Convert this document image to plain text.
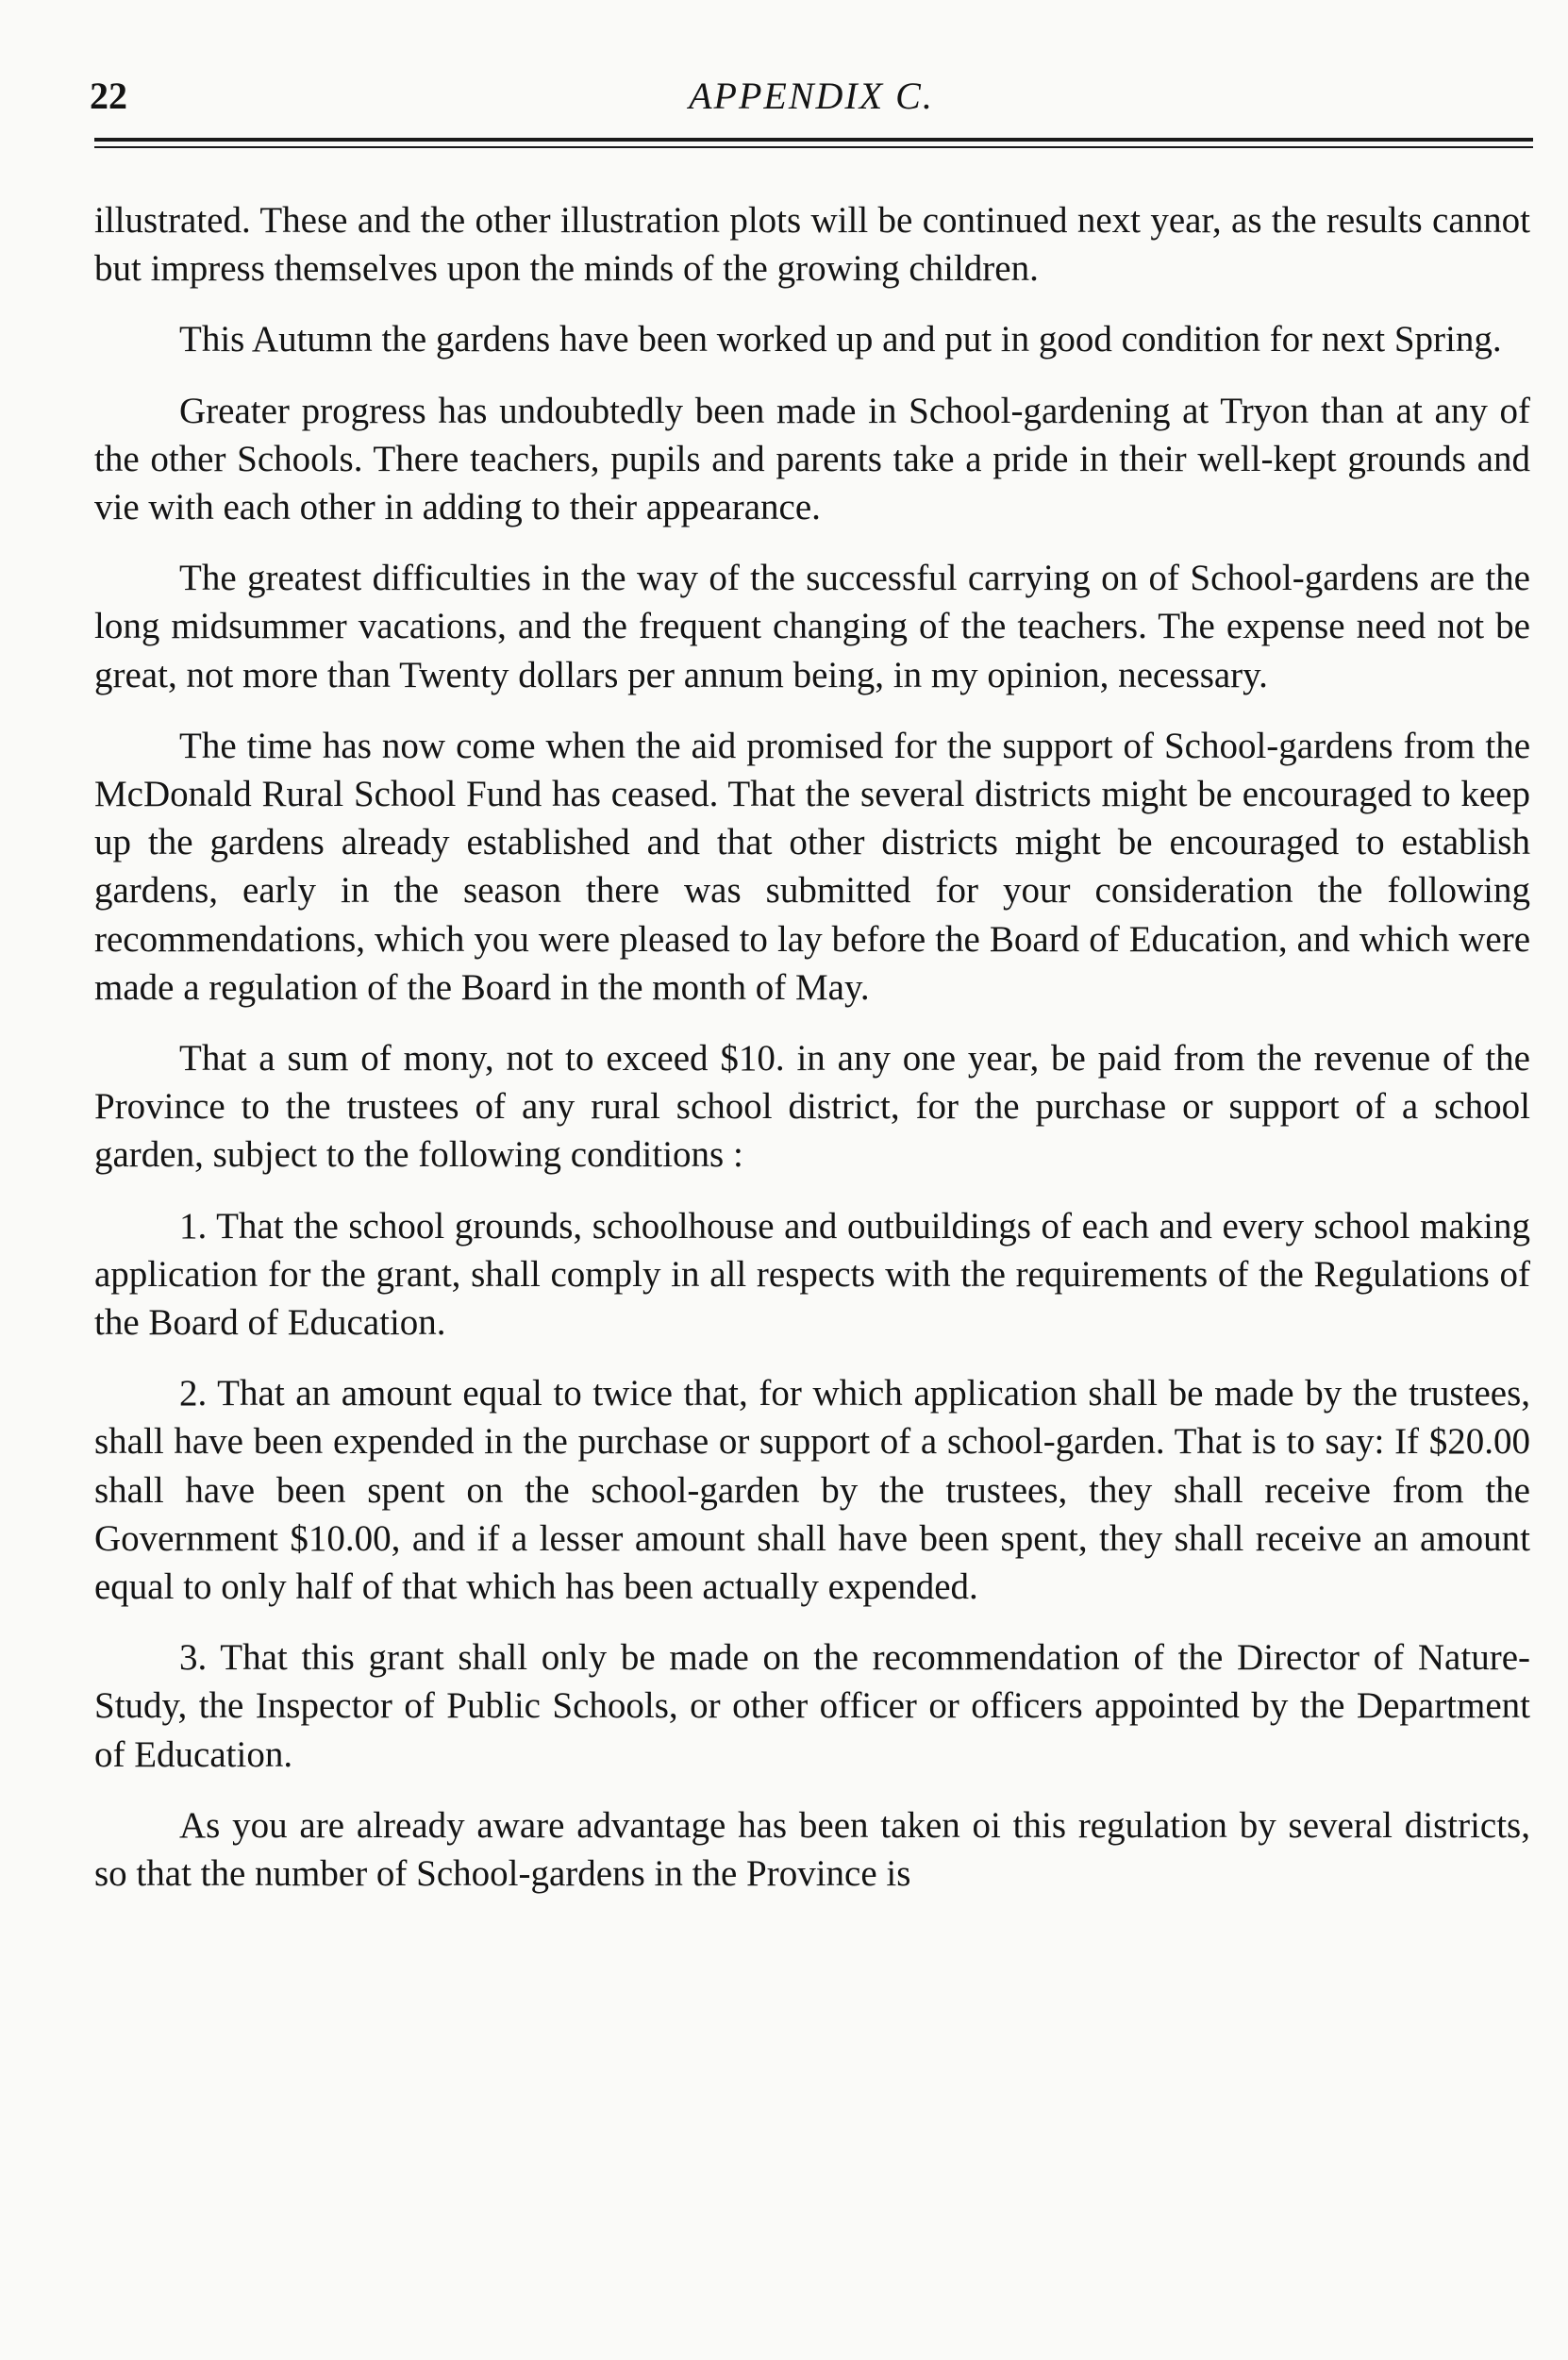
22	APPENDIX C.

illustrated. These and the other illustration plots will be continued next year, as the results cannot but impress themselves upon the minds of the growing children.

This Autumn the gardens have been worked up and put in good condition for next Spring.

Greater progress has undoubtedly been made in School-gardening at Tryon than at any of the other Schools. There teachers, pupils and parents take a pride in their well-kept grounds and vie with each other in adding to their appearance.

The greatest difficulties in the way of the successful carrying on of School-gardens are the long midsummer vacations, and the frequent changing of the teachers. The expense need not be great, not more than Twenty dollars per annum being, in my opinion, necessary.

The time has now come when the aid promised for the support of School-gardens from the McDonald Rural School Fund has ceased. That the several districts might be encouraged to keep up the gardens already established and that other districts might be encouraged to establish gardens, early in the season there was submitted for your consideration the following recommendations, which you were pleased to lay before the Board of Education, and which were made a regulation of the Board in the month of May.

That a sum of mony, not to exceed $10. in any one year, be paid from the revenue of the Province to the trustees of any rural school district, for the purchase or support of a school garden, subject to the following conditions :

1. That the school grounds, schoolhouse and outbuildings of each and every school making application for the grant, shall comply in all respects with the requirements of the Regulations of the Board of Education.

2. That an amount equal to twice that, for which application shall be made by the trustees, shall have been expended in the purchase or support of a school-garden. That is to say: If $20.00 shall have been spent on the school-garden by the trustees, they shall receive from the Government $10.00, and if a lesser amount shall have been spent, they shall receive an amount equal to only half of that which has been actually expended.

3. That this grant shall only be made on the recommendation of the Director of Nature-Study, the Inspector of Public Schools, or other officer or officers appointed by the Department of Education.

As you are already aware advantage has been taken oi this regulation by several districts, so that the number of School-gardens in the Province is
